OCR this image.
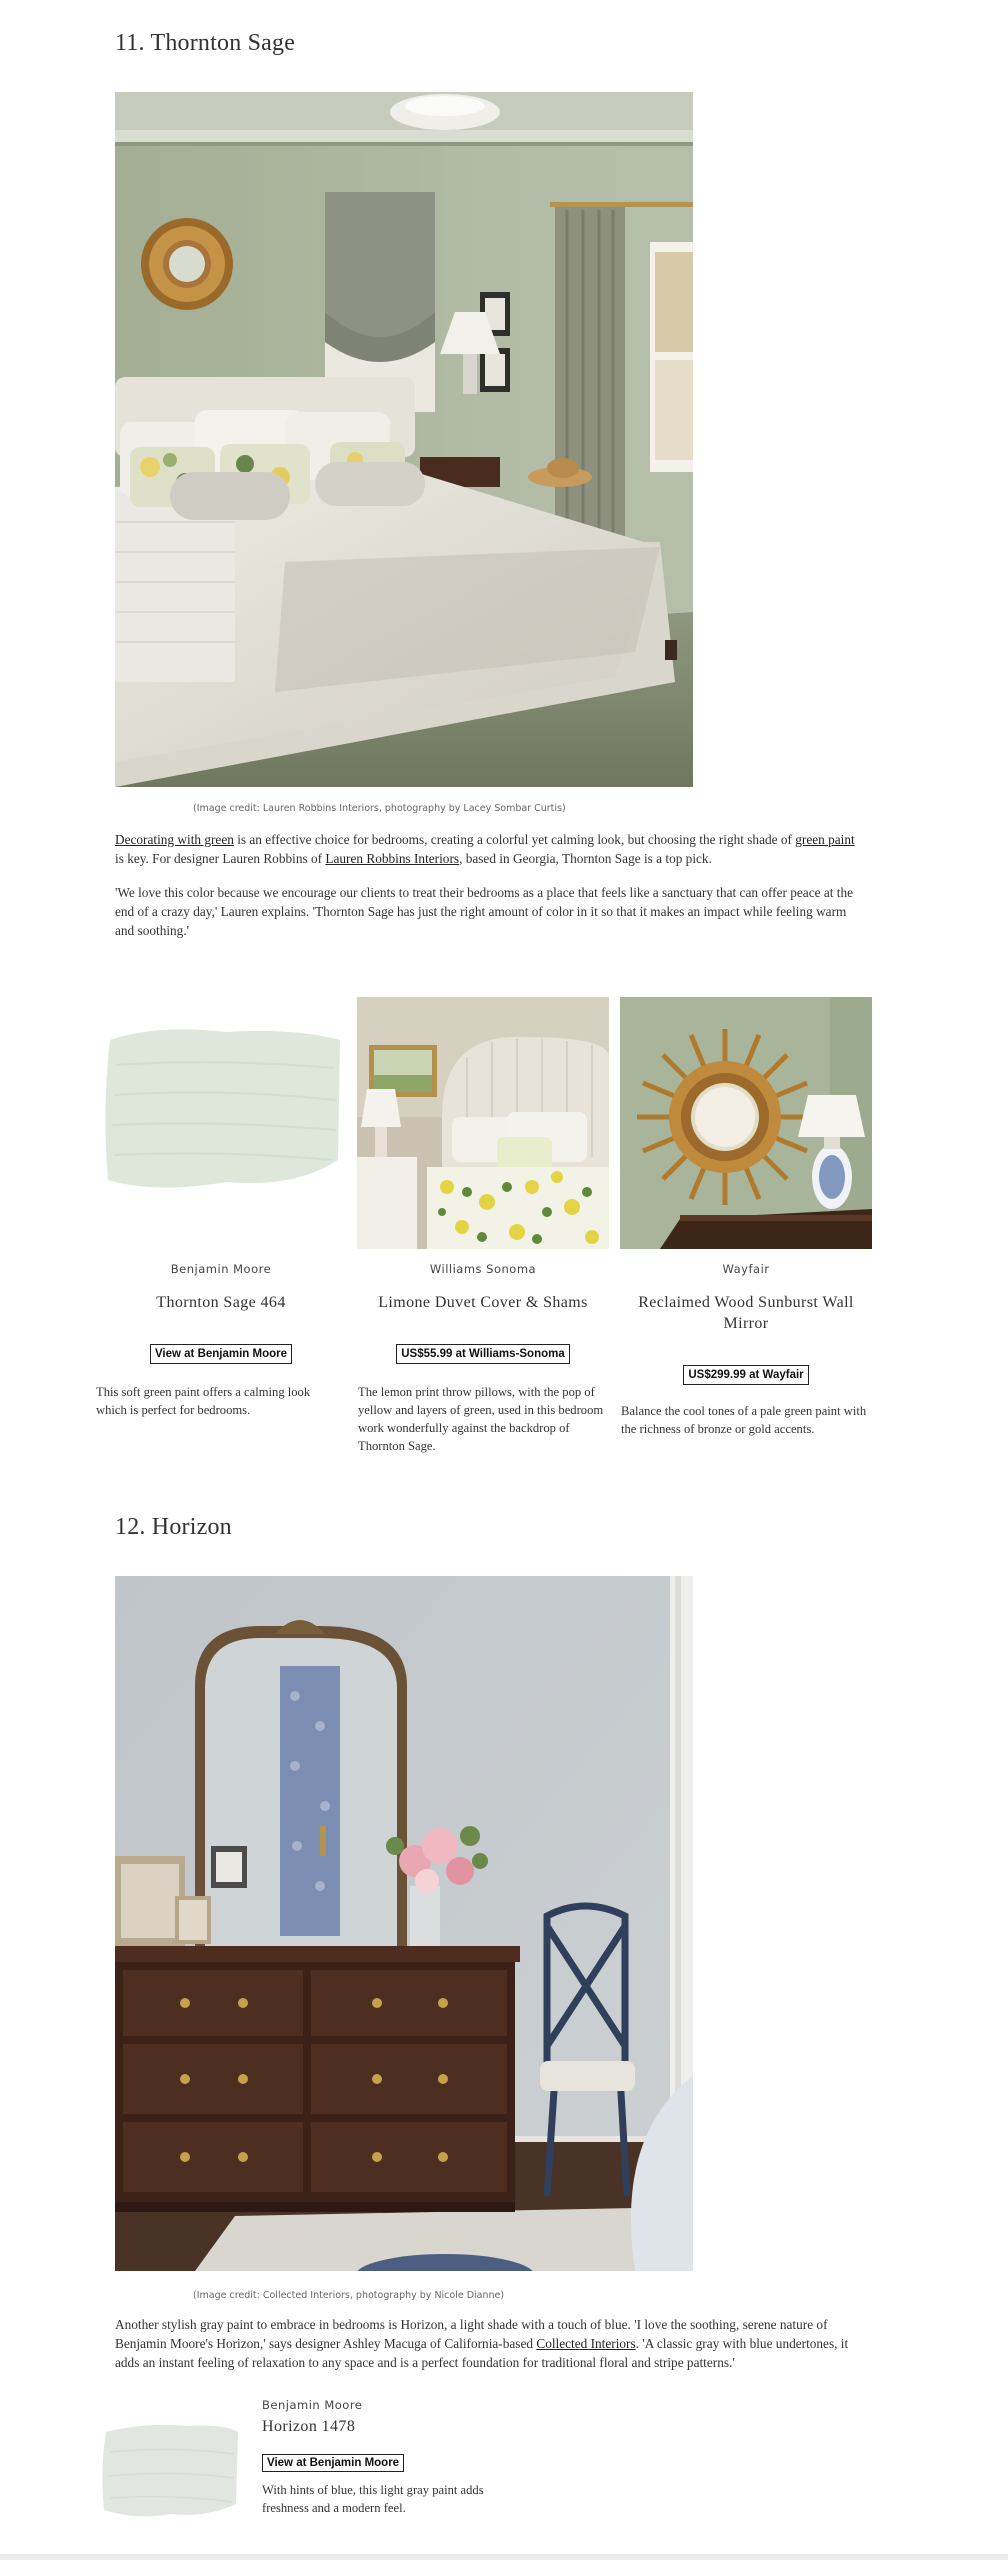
11. Thornton Sage
(Image credit: Lauren Robbins Interiors, photography by Lacey Sombar Curtis)

Decorating with green is an effective choice for bedrooms, creating a colorful yet calming look, but choosing the right shade of green paint is key. For designer Lauren Robbins of Lauren Robbins Interiors, based in Georgia, Thornton Sage is a top pick.

'We love this color because we encourage our clients to treat their bedrooms as a place that feels like a sanctuary that can offer peace at the end of a crazy day,' Lauren explains. 'Thornton Sage has just the right amount of color in it so that it makes an impact while feeling warm and soothing.'

Benjamin Moore	Williams Sonoma	Wayfair
Thornton Sage 464	Limone Duvet Cover & Shams	Reclaimed Wood Sunburst Wall Mirror
View at Benjamin Moore	US$55.99 at Williams-Sonoma
US$299.99 at Wayfair

This soft green paint offers a calming look which is perfect for bedrooms.

The lemon print throw pillows, with the pop of yellow and layers of green, used in this bedroom work wonderfully against the backdrop of Thornton Sage.

Balance the cool tones of a pale green paint with the richness of bronze or gold accents.

12. Horizon
(Image credit: Collected Interiors, photography by Nicole Dianne)

Another stylish gray paint to embrace in bedrooms is Horizon, a light shade with a touch of blue. 'I love the soothing, serene nature of Benjamin Moore's Horizon,' says designer Ashley Macuga of California-based Collected Interiors. 'A classic gray with blue undertones, it adds an instant feeling of relaxation to any space and is a perfect foundation for traditional floral and stripe patterns.'

Benjamin Moore
Horizon 1478
View at Benjamin Moore

With hints of blue, this light gray paint adds freshness and a modern feel.
